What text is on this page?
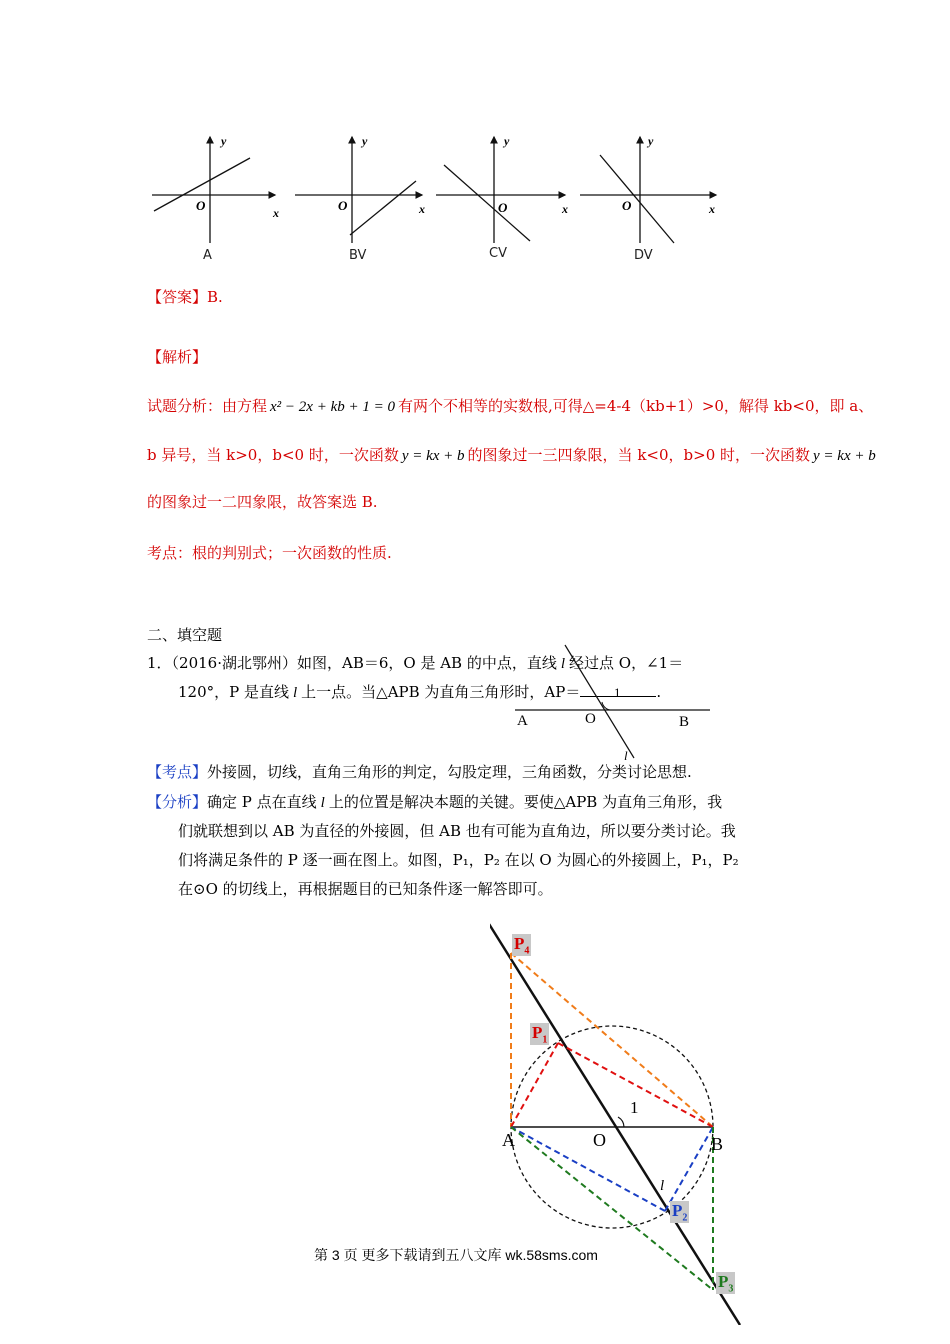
y
O	x
A
y
O	x
BV
y
O	x
CV
y
O	x
DV
【答案】B.
【解析】
试题分析：由方程 x² − 2x + kb + 1 = 0 有两个不相等的实数根,可得△=4-4（kb+1）>0，解得 kb<0，即 a、
b 异号，当 k>0，b<0 时，一次函数 y = kx + b 的图象过一三四象限，当 k<0，b>0 时，一次函数 y = kx + b
的图象过一二四象限，故答案选 B.
考点：根的判别式；一次函数的性质.
二、填空题
1．（2016·湖北鄂州）如图，AB＝6，O 是 AB 的中点，直线 l 经过点 O，∠1＝
120°，P 是直线 l 上一点。当△APB 为直角三角形时，AP＝	.
A	O	B
1
l
【考点】外接圆，切线，直角三角形的判定，勾股定理，三角函数，分类讨论思想.
【分析】确定 P 点在直线 l 上的位置是解决本题的关键。要使△APB 为直角三角形，我
们就联想到以 AB 为直径的外接圆，但 AB 也有可能为直角边，所以要分类讨论。我
们将满足条件的 P 逐一画在图上。如图，P₁，P₂ 在以 O 为圆心的外接圆上，P₁，P₂
在⊙O 的切线上，再根据题目的已知条件逐一解答即可。
A	O	B
1
l
$P_4$
$P_1$
$P_2$
$P_3$
第 3 页 更多下载请到五八文库 wk.58sms.com
